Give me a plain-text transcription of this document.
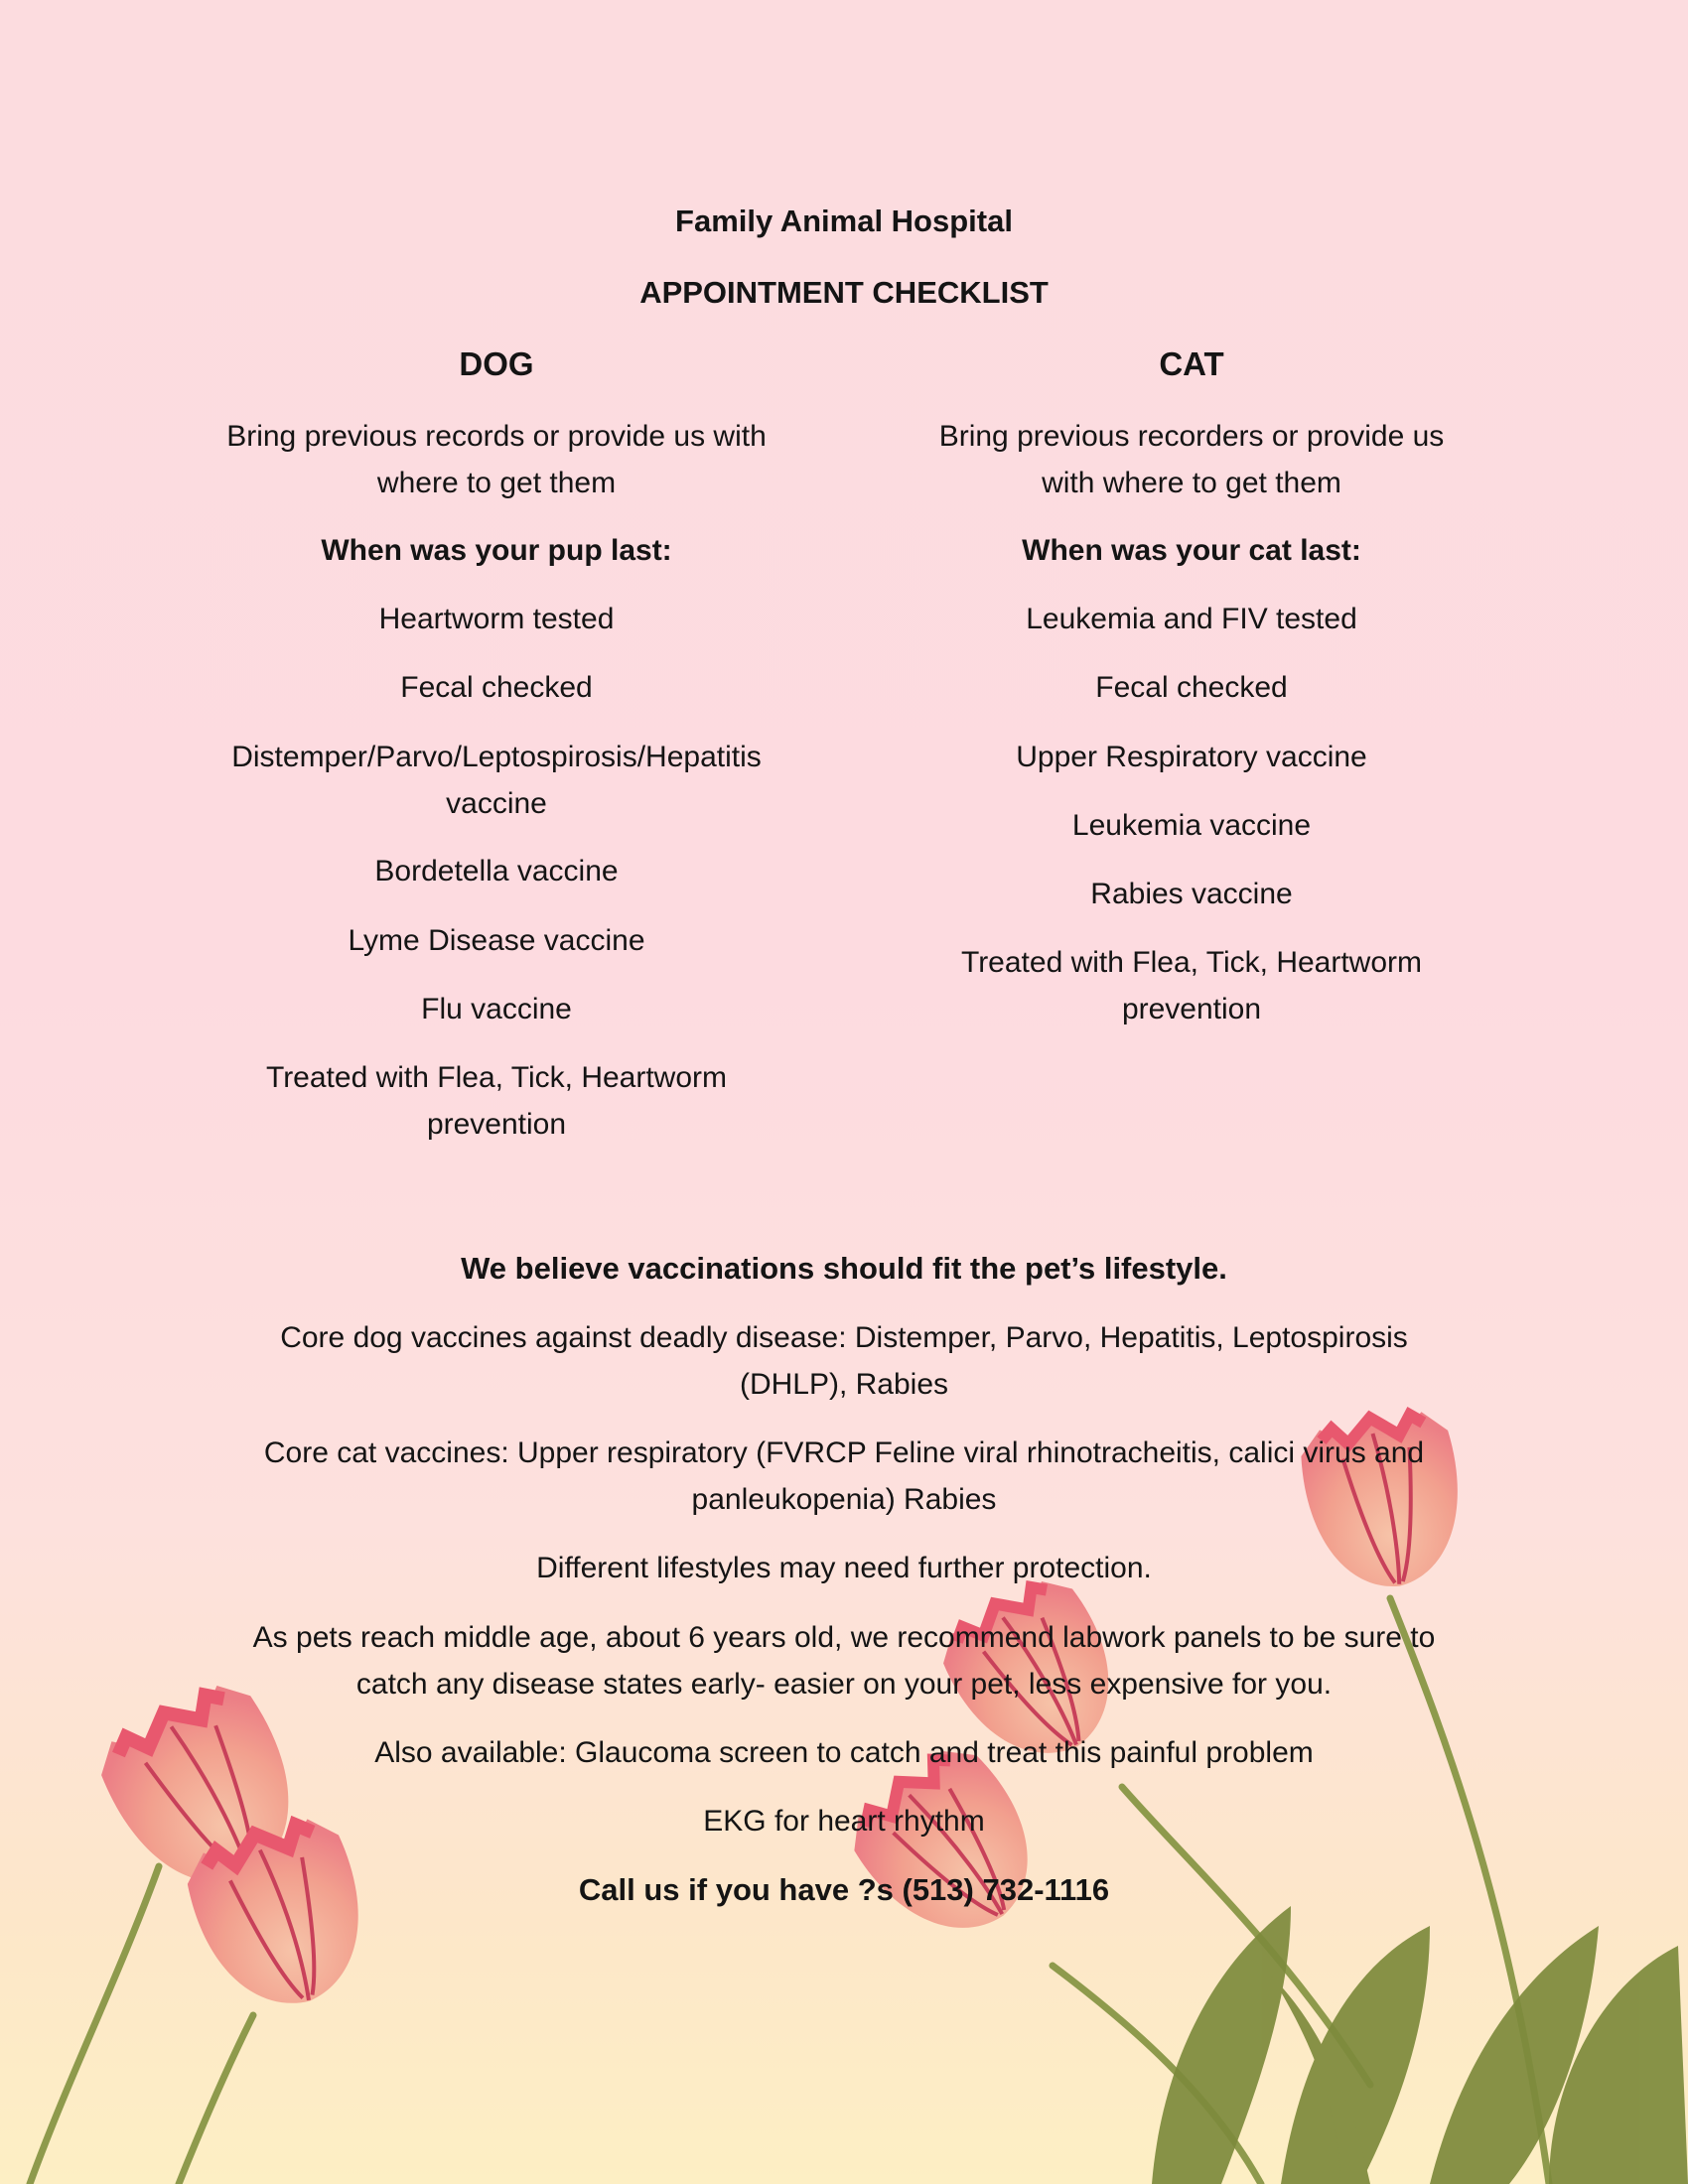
Family Animal Hospital
APPOINTMENT CHECKLIST
DOG
Bring previous records or provide us with
where to get them
When was your pup last:
Heartworm tested
Fecal checked
Distemper/Parvo/Leptospirosis/Hepatitis
vaccine
Bordetella vaccine
Lyme Disease vaccine
Flu vaccine
Treated with Flea, Tick, Heartworm
prevention
CAT
Bring previous recorders or provide us
with where to get them
When was your cat last:
Leukemia and FIV tested
Fecal checked
Upper Respiratory vaccine
Leukemia vaccine
Rabies vaccine
Treated with Flea, Tick, Heartworm
prevention
We believe vaccinations should fit the pet’s lifestyle.
Core dog vaccines against deadly disease: Distemper, Parvo, Hepatitis, Leptospirosis
(DHLP), Rabies
Core cat vaccines: Upper respiratory (FVRCP Feline viral rhinotracheitis, calici virus and
panleukopenia) Rabies
Different lifestyles may need further protection.
As pets reach middle age, about 6 years old, we recommend labwork panels to be sure to
catch any disease states early- easier on your pet, less expensive for you.
Also available: Glaucoma screen to catch and treat this painful problem
EKG for heart rhythm
Call us if you have ?s (513) 732-1116
